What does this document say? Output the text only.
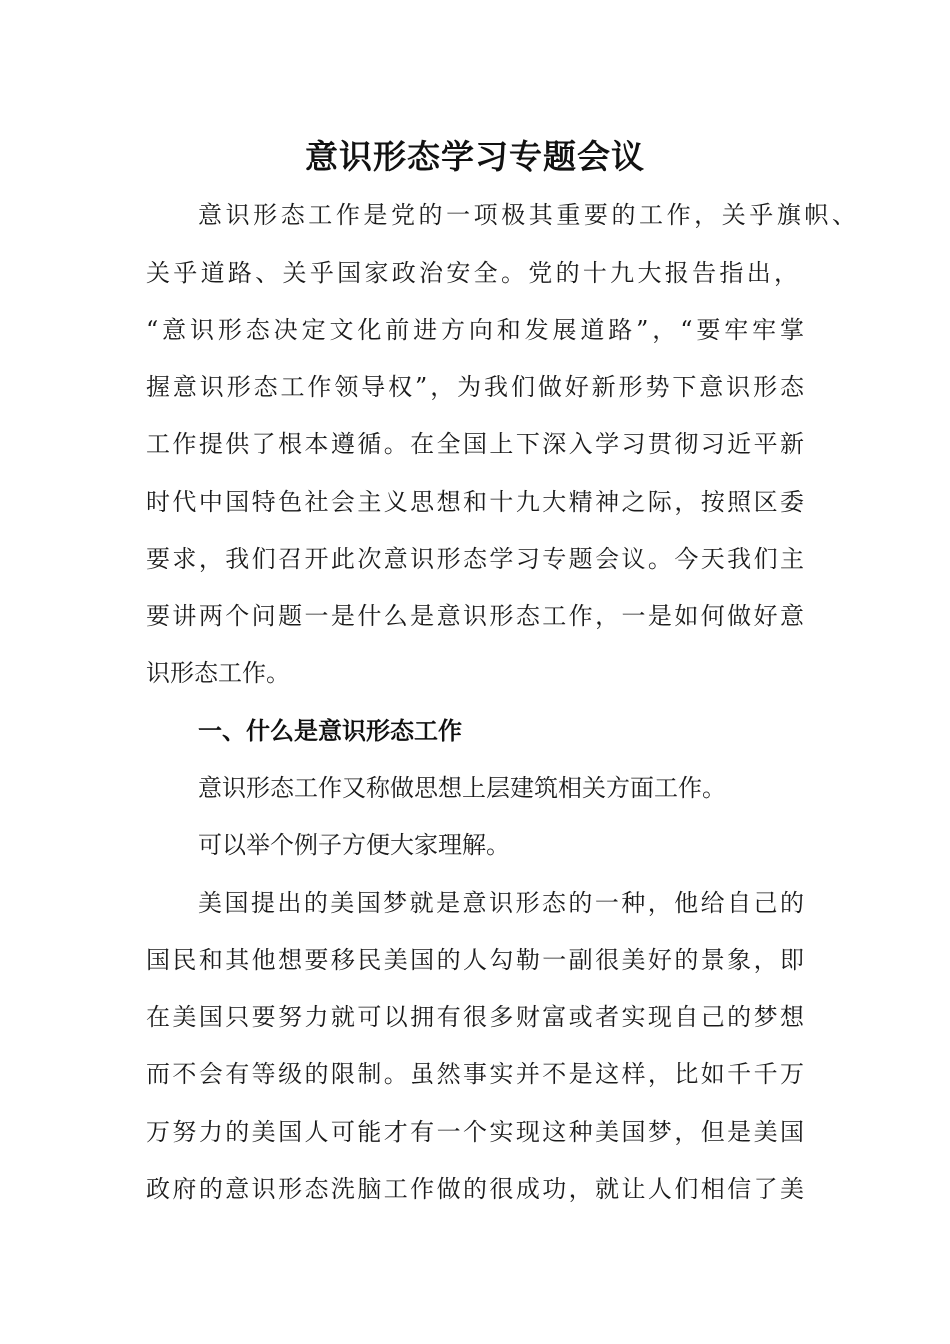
意识形态学习专题会议
意识形态工作是党的一项极其重要的工作，关乎旗帜、
关乎道路、关乎国家政治安全。党的十九大报告指出，
“意识形态决定文化前进方向和发展道路”，“要牢牢掌
握意识形态工作领导权”，为我们做好新形势下意识形态
工作提供了根本遵循。在全国上下深入学习贯彻习近平新
时代中国特色社会主义思想和十九大精神之际，按照区委
要求，我们召开此次意识形态学习专题会议。今天我们主
要讲两个问题一是什么是意识形态工作，一是如何做好意
识形态工作。
一、什么是意识形态工作
意识形态工作又称做思想上层建筑相关方面工作。
可以举个例子方便大家理解。
美国提出的美国梦就是意识形态的一种，他给自己的
国民和其他想要移民美国的人勾勒一副很美好的景象，即
在美国只要努力就可以拥有很多财富或者实现自己的梦想
而不会有等级的限制。虽然事实并不是这样，比如千千万
万努力的美国人可能才有一个实现这种美国梦，但是美国
政府的意识形态洗脑工作做的很成功，就让人们相信了美
